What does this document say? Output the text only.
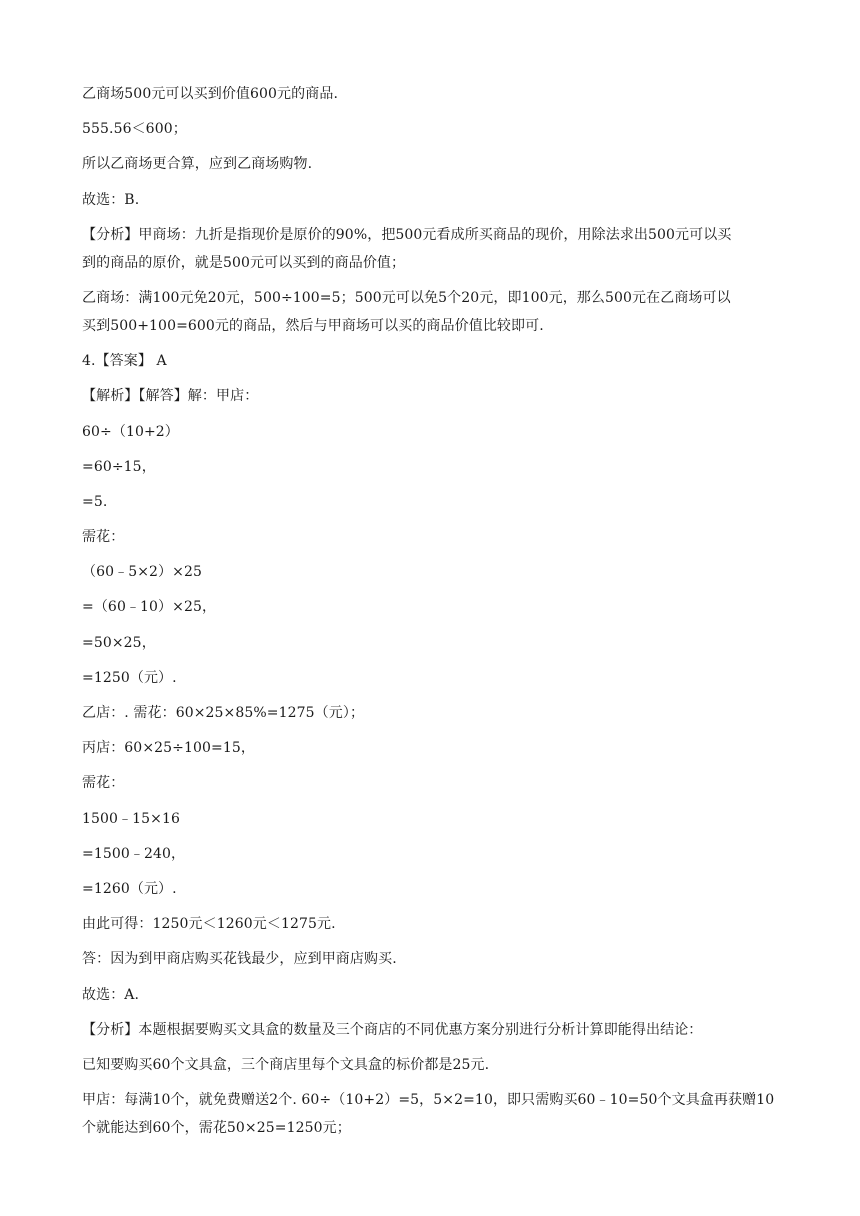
乙商场500元可以买到价值600元的商品.
555.56＜600；
所以乙商场更合算，应到乙商场购物.
故选：B.
【分析】甲商场：九折是指现价是原价的90%，把500元看成所买商品的现价，用除法求出500元可以买
到的商品的原价，就是500元可以买到的商品价值；
乙商场：满100元免20元，500÷100=5；500元可以免5个20元，即100元，那么500元在乙商场可以
买到500+100=600元的商品，然后与甲商场可以买的商品价值比较即可.
4.【答案】 A
【解析】【解答】解：甲店：
60÷（10+2）
=60÷15，
=5.
需花：
（60﹣5×2）×25
=（60﹣10）×25，
=50×25，
=1250（元）.
乙店：. 需花：60×25×85%=1275（元）；
丙店：60×25÷100=15，
需花：
1500﹣15×16
=1500﹣240，
=1260（元）.
由此可得：1250元＜1260元＜1275元.
答：因为到甲商店购买花钱最少，应到甲商店购买.
故选：A.
【分析】本题根据要购买文具盒的数量及三个商店的不同优惠方案分别进行分析计算即能得出结论：
已知要购买60个文具盒，三个商店里每个文具盒的标价都是25元.
甲店：每满10个，就免费赠送2个. 60÷（10+2）=5，5×2=10，即只需购买60﹣10=50个文具盒再获赠10
个就能达到60个，需花50×25=1250元；
